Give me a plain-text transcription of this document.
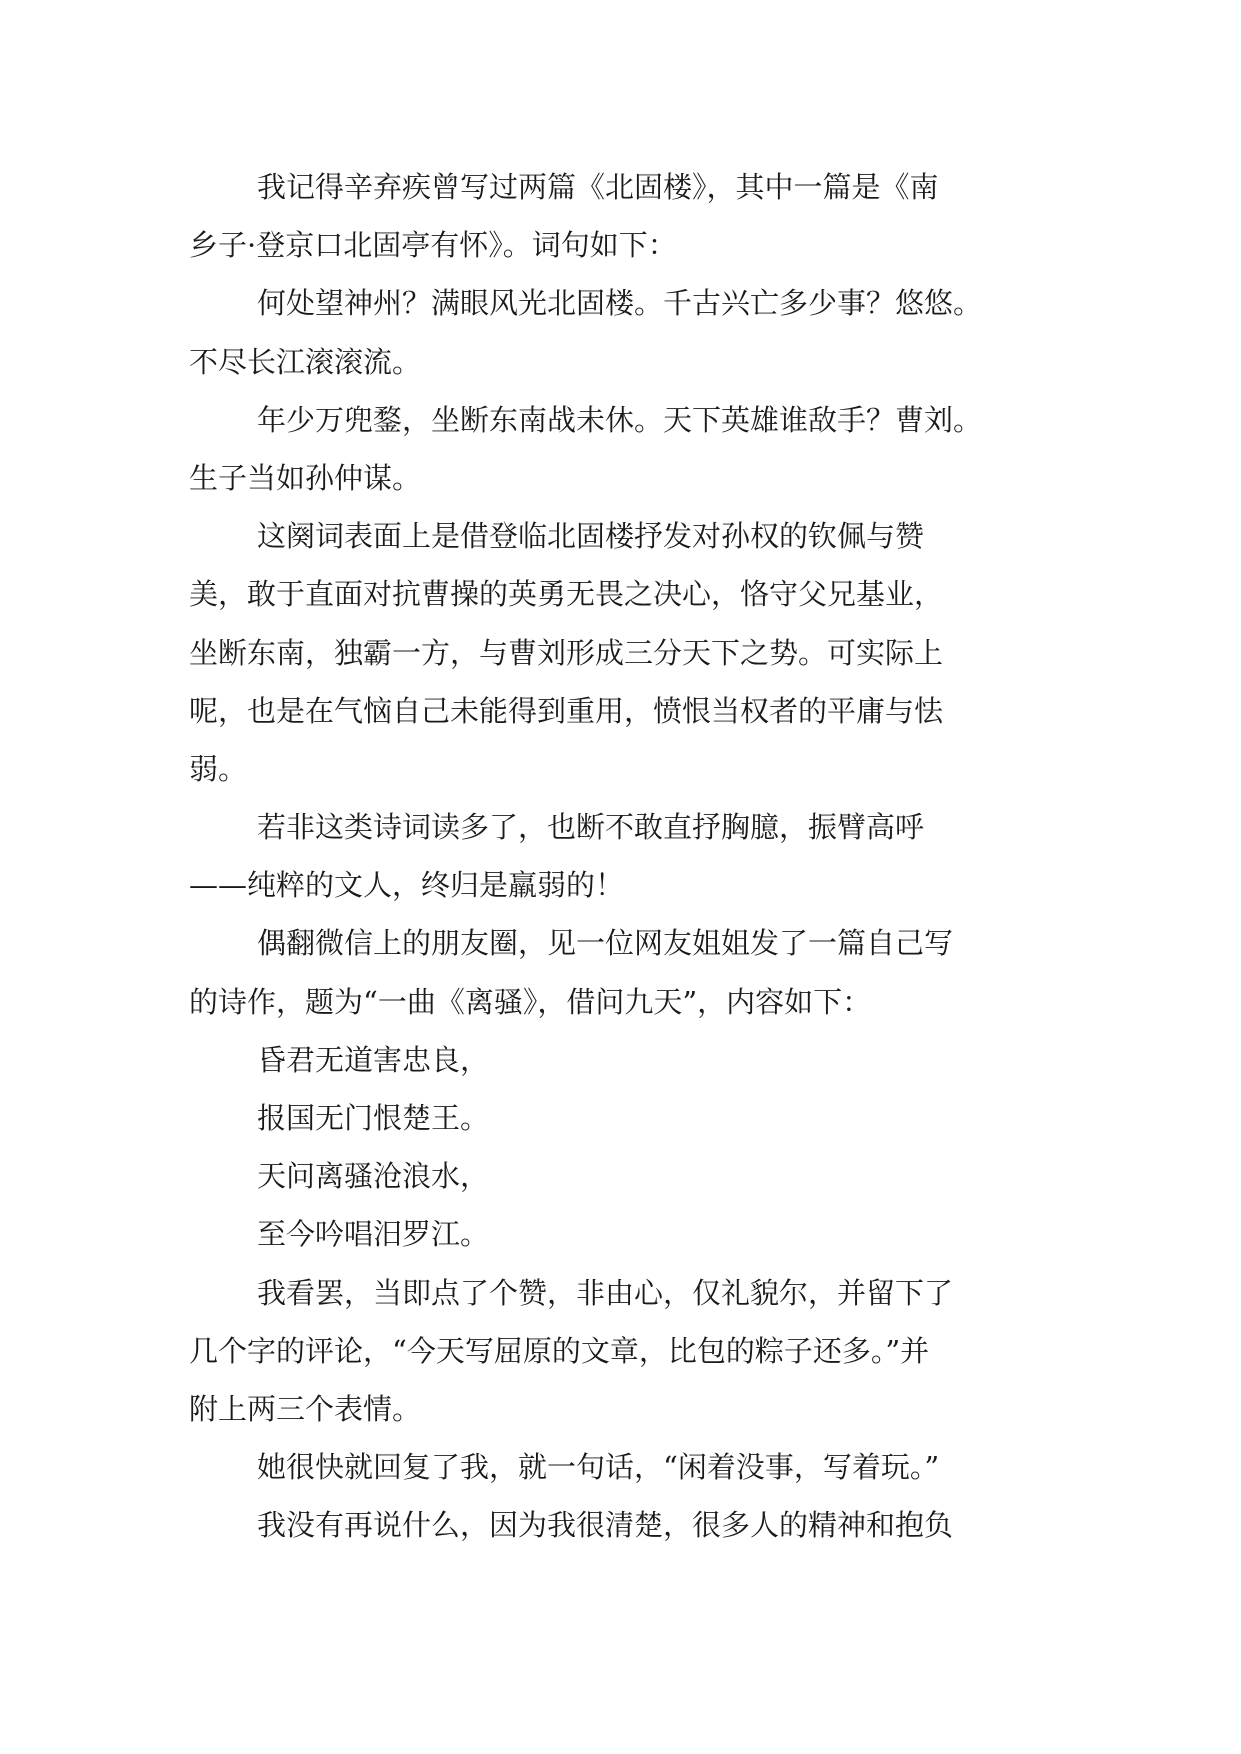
我记得辛弃疾曾写过两篇《北固楼》，其中一篇是《南
乡子·登京口北固亭有怀》。词句如下：
何处望神州？满眼风光北固楼。千古兴亡多少事？悠悠。
不尽长江滚滚流。
年少万兜鍪，坐断东南战未休。天下英雄谁敌手？曹刘。
生子当如孙仲谋。
这阕词表面上是借登临北固楼抒发对孙权的钦佩与赞
美，敢于直面对抗曹操的英勇无畏之决心，恪守父兄基业，
坐断东南，独霸一方，与曹刘形成三分天下之势。可实际上
呢，也是在气恼自己未能得到重用，愤恨当权者的平庸与怯
弱。
若非这类诗词读多了，也断不敢直抒胸臆，振臂高呼
——纯粹的文人，终归是羸弱的！
偶翻微信上的朋友圈，见一位网友姐姐发了一篇自己写
的诗作，题为“一曲《离骚》，借问九天”，内容如下：
昏君无道害忠良，
报国无门恨楚王。
天问离骚沧浪水，
至今吟唱汨罗江。
我看罢，当即点了个赞，非由心，仅礼貌尔，并留下了
几个字的评论，“今天写屈原的文章，比包的粽子还多。”并
附上两三个表情。
她很快就回复了我，就一句话，“闲着没事，写着玩。”
我没有再说什么，因为我很清楚，很多人的精神和抱负
